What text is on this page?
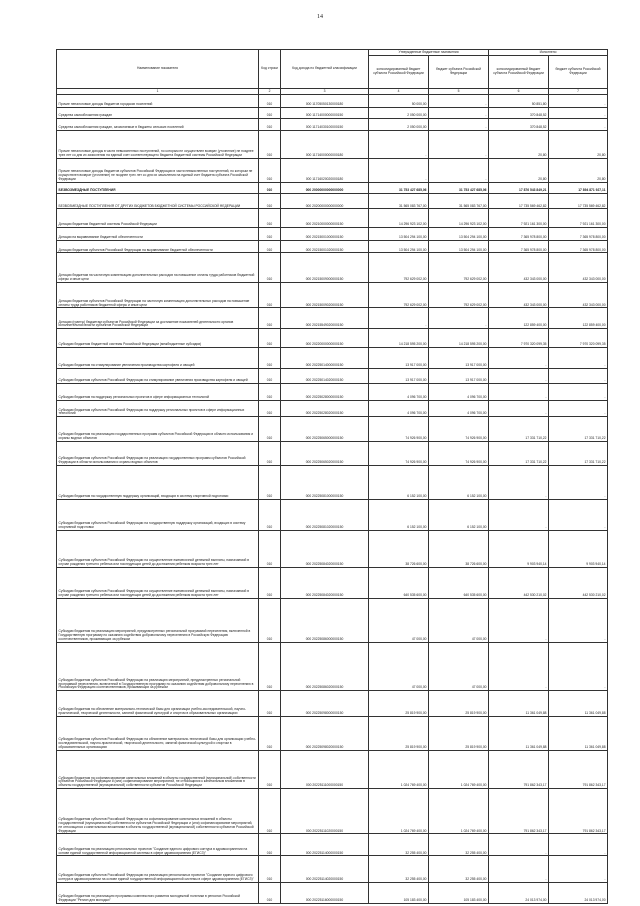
14
Наименование показателя	Код строки	Код дохода по бюджетной классификации	Утвержденные бюджетные назначения		Исполнено	
			консолидированный бюджет субъекта Российской Федерации	бюджет субъекта Российской Федерации	консолидированный бюджет субъекта Российской Федерации	бюджет субъекта Российской Федерации
1	2	3	4	5	6	7
Прочие неналоговые доходы бюджетов городских поселений	010	000 11705050130000180	50 000,00	-	50 851,80	-
Средства самообложения граждан	010	000 11714000000000150	2 050 000,00	-	370 848,52	-
Средства самообложения граждан, зачисляемые в бюджеты сельских поселений	010	000 11714030100000150	2 050 000,00	-	370 848,52	-
Прочие неналоговые доходы в части невыясненных поступлений, по которым не осуществлен возврат (уточнение) не позднее трех лет со дня их зачисления на единый счет соответствующего бюджета бюджетной системы Российской Федерации	010	000 11716000000000180	-	-	20,80	20,80
Прочие неналоговые доходы бюджетов субъектов Российской Федерации в части невыясненных поступлений, по которым не осуществлен возврат (уточнение) не позднее трех лет со дня их зачисления на единый счет бюджета субъекта Российской Федерации	010	000 11716020020000180	-	-	20,80	20,80
БЕЗВОЗМЕЗДНЫЕ ПОСТУПЛЕНИЯ	010	000 20000000000000000	31 753 427 685,06	31 753 427 685,06	17 876 543 849,21	17 894 871 927,11
БЕЗВОЗМЕЗДНЫЕ ПОСТУПЛЕНИЯ ОТ ДРУГИХ БЮДЖЕТОВ БЮДЖЕТНОЙ СИСТЕМЫ РОССИЙСКОЙ ФЕДЕРАЦИИ	010	000 20200000000000000	31 565 083 767,00	31 565 083 767,00	17 735 569 462,82	17 735 569 462,82
Дотации бюджетам бюджетной системы Российской Федерации	010	000 20210000000000150	14 296 923 102,00	14 296 923 102,00	7 921 161 300,00	7 921 161 300,00
Дотации на выравнивание бюджетной обеспеченности	010	000 20215001000000150	13 504 294 100,00	13 504 294 100,00	7 365 978 800,00	7 365 978 800,00
Дотации бюджетам субъектов Российской Федерации на выравнивание бюджетной обеспеченности	010	000 20215001020000150	13 504 294 100,00	13 504 294 100,00	7 365 978 800,00	7 365 978 800,00
Дотации бюджетам на частичную компенсацию дополнительных расходов на повышение оплаты труда работников бюджетной сферы и иные цели	010	000 20215009000000150	792 629 002,00	792 629 002,00	432 343 000,00	432 343 000,00
Дотации бюджетам субъектов Российской Федерации на частичную компенсацию дополнительных расходов на повышение оплаты труда работников бюджетной сферы и иные цели	010	000 20215009020000150	792 629 002,00	792 629 002,00	432 343 000,00	432 343 000,00
Дотации (гранты) бюджетам субъектов Российской Федерации за достижение показателей деятельности органов исполнительной власти субъектов Российской Федерации	010	000 20215549020000150	-	-	122 859 400,00	122 859 400,00
Субсидии бюджетам бюджетной системы Российской Федерации (межбюджетные субсидии)	010	000 20220000000000150	14 218 595 200,00	14 218 595 200,00	7 970 320 099,35	7 970 320 099,35
Субсидии бюджетам на стимулирование увеличения производства картофеля и овощей	010	000 20225014000000150	13 917 000,00	13 917 000,00	-	-
Субсидии бюджетам субъектов Российской Федерации на стимулирование увеличения производства картофеля и овощей	010	000 20225014020000150	13 917 000,00	13 917 000,00	-	-
Субсидии бюджетам на поддержку региональных проектов в сфере информационных технологий	010	000 20225028000000150	4 096 700,00	4 096 700,00	-	-
Субсидии бюджетам субъектов Российской Федерации на поддержку региональных проектов в сфере информационных технологий	010	000 20225028020000150	4 096 700,00	4 096 700,00	-	-
Субсидии бюджетам на реализацию государственных программ субъектов Российской Федерации в области использования и охраны водных объектов	010	000 20225065000000150	74 926 900,00	74 926 900,00	17 331 710,22	17 331 710,22
Субсидии бюджетам субъектов Российской Федерации на реализацию государственных программ субъектов Российской Федерации в области использования и охраны водных объектов	010	000 20225065020000150	74 926 900,00	74 926 900,00	17 331 710,22	17 331 710,22
Субсидии бюджетам на государственную поддержку организаций, входящих в систему спортивной подготовки	010	000 20225081000000150	6 152 100,00	6 152 100,00	-	-
Субсидии бюджетам субъектов Российской Федерации на государственную поддержку организаций, входящих в систему спортивной подготовки	010	000 20225081020000150	6 152 100,00	6 152 100,00	-	-
Субсидии бюджетам субъектов Российской Федерации на осуществление ежемесячной денежной выплаты, назначаемой в случае рождения третьего ребенка или последующих детей до достижения ребенком возраста трех лет	010	000 20225084020000150	38 726 600,00	38 726 600,00	9 903 940,14	9 903 940,14
Субсидии бюджетам субъектов Российской Федерации на осуществление ежемесячной денежной выплаты, назначаемой в случае рождения третьего ребенка или последующих детей до достижения ребенком возраста трех лет	010	000 20225084020000150	640 535 600,00	640 535 600,00	442 530 210,02	442 530 210,02
Субсидии бюджетам на реализацию мероприятий, предусмотренных региональной программой переселения, включенной в Государственную программу по оказанию содействия добровольному переселению в Российскую Федерацию соотечественников, проживающих за рубежом	010	000 20225086000000150	47 000,00	47 000,00	-	-
Субсидии бюджетам субъектов Российской Федерации на реализацию мероприятий, предусмотренных региональной программой переселения, включенной в Государственную программу по оказанию содействия добровольному переселению в Российскую Федерацию соотечественников, проживающих за рубежом	010	000 20225086020000150	47 000,00	47 000,00	-	-
Субсидии бюджетам на обновление материально-технической базы для организации учебно-исследовательской, научно-практической, творческой деятельности, занятий физической культурой и спортом в образовательных организациях	010	000 20225098000000150	25 819 900,00	25 819 900,00	11 361 049,88	11 361 049,88
Субсидии бюджетам субъектов Российской Федерации на обновление материально-технической базы для организации учебно-исследовательской, научно-практической, творческой деятельности, занятий физической культурой и спортом в образовательных организациях	010	000 20225098020000150	25 819 900,00	25 819 900,00	11 361 049,88	11 361 049,88
Субсидии бюджетам на софинансирование капитальных вложений в объекты государственной (муниципальной) собственности субъектов Российской Федерации и (или) софинансирование мероприятий, не относящихся к капитальным вложениям в объекты государственной (муниципальной) собственности субъектов Российской Федерации	010	000 20225111000000150	1 024 769 400,00	1 024 769 400,00	791 862 343,17	791 862 343,17
Субсидии бюджетам субъектов Российской Федерации на софинансирование капитальных вложений в объекты государственной (муниципальной) собственности субъектов Российской Федерации и (или) софинансирование мероприятий, не относящихся к капитальным вложениям в объекты государственной (муниципальной) собственности субъектов Российской Федерации	010	000 20225111020000150	1 024 769 400,00	1 024 769 400,00	791 862 343,17	791 862 343,17
Субсидии бюджетам на реализацию региональных проектов "Создание единого цифрового контура в здравоохранении на основе единой государственной информационной системы в сфере здравоохранения (ЕГИСЗ)"	010	000 20225114000000150	32 255 400,00	32 255 400,00	-	-
Субсидии бюджетам субъектов Российской Федерации на реализацию региональных проектов "Создание единого цифрового контура в здравоохранении на основе единой государственной информационной системы в сфере здравоохранения (ЕГИСЗ)"	010	000 20225114020000150	32 255 400,00	32 255 400,00	-	-
Субсидии бюджетам на реализацию программы комплексного развития молодежной политики в регионах Российской Федерации "Регион для молодых"	010	000 20225116000000150	105 183 400,00	105 183 400,00	24 013 974,00	24 013 974,00
